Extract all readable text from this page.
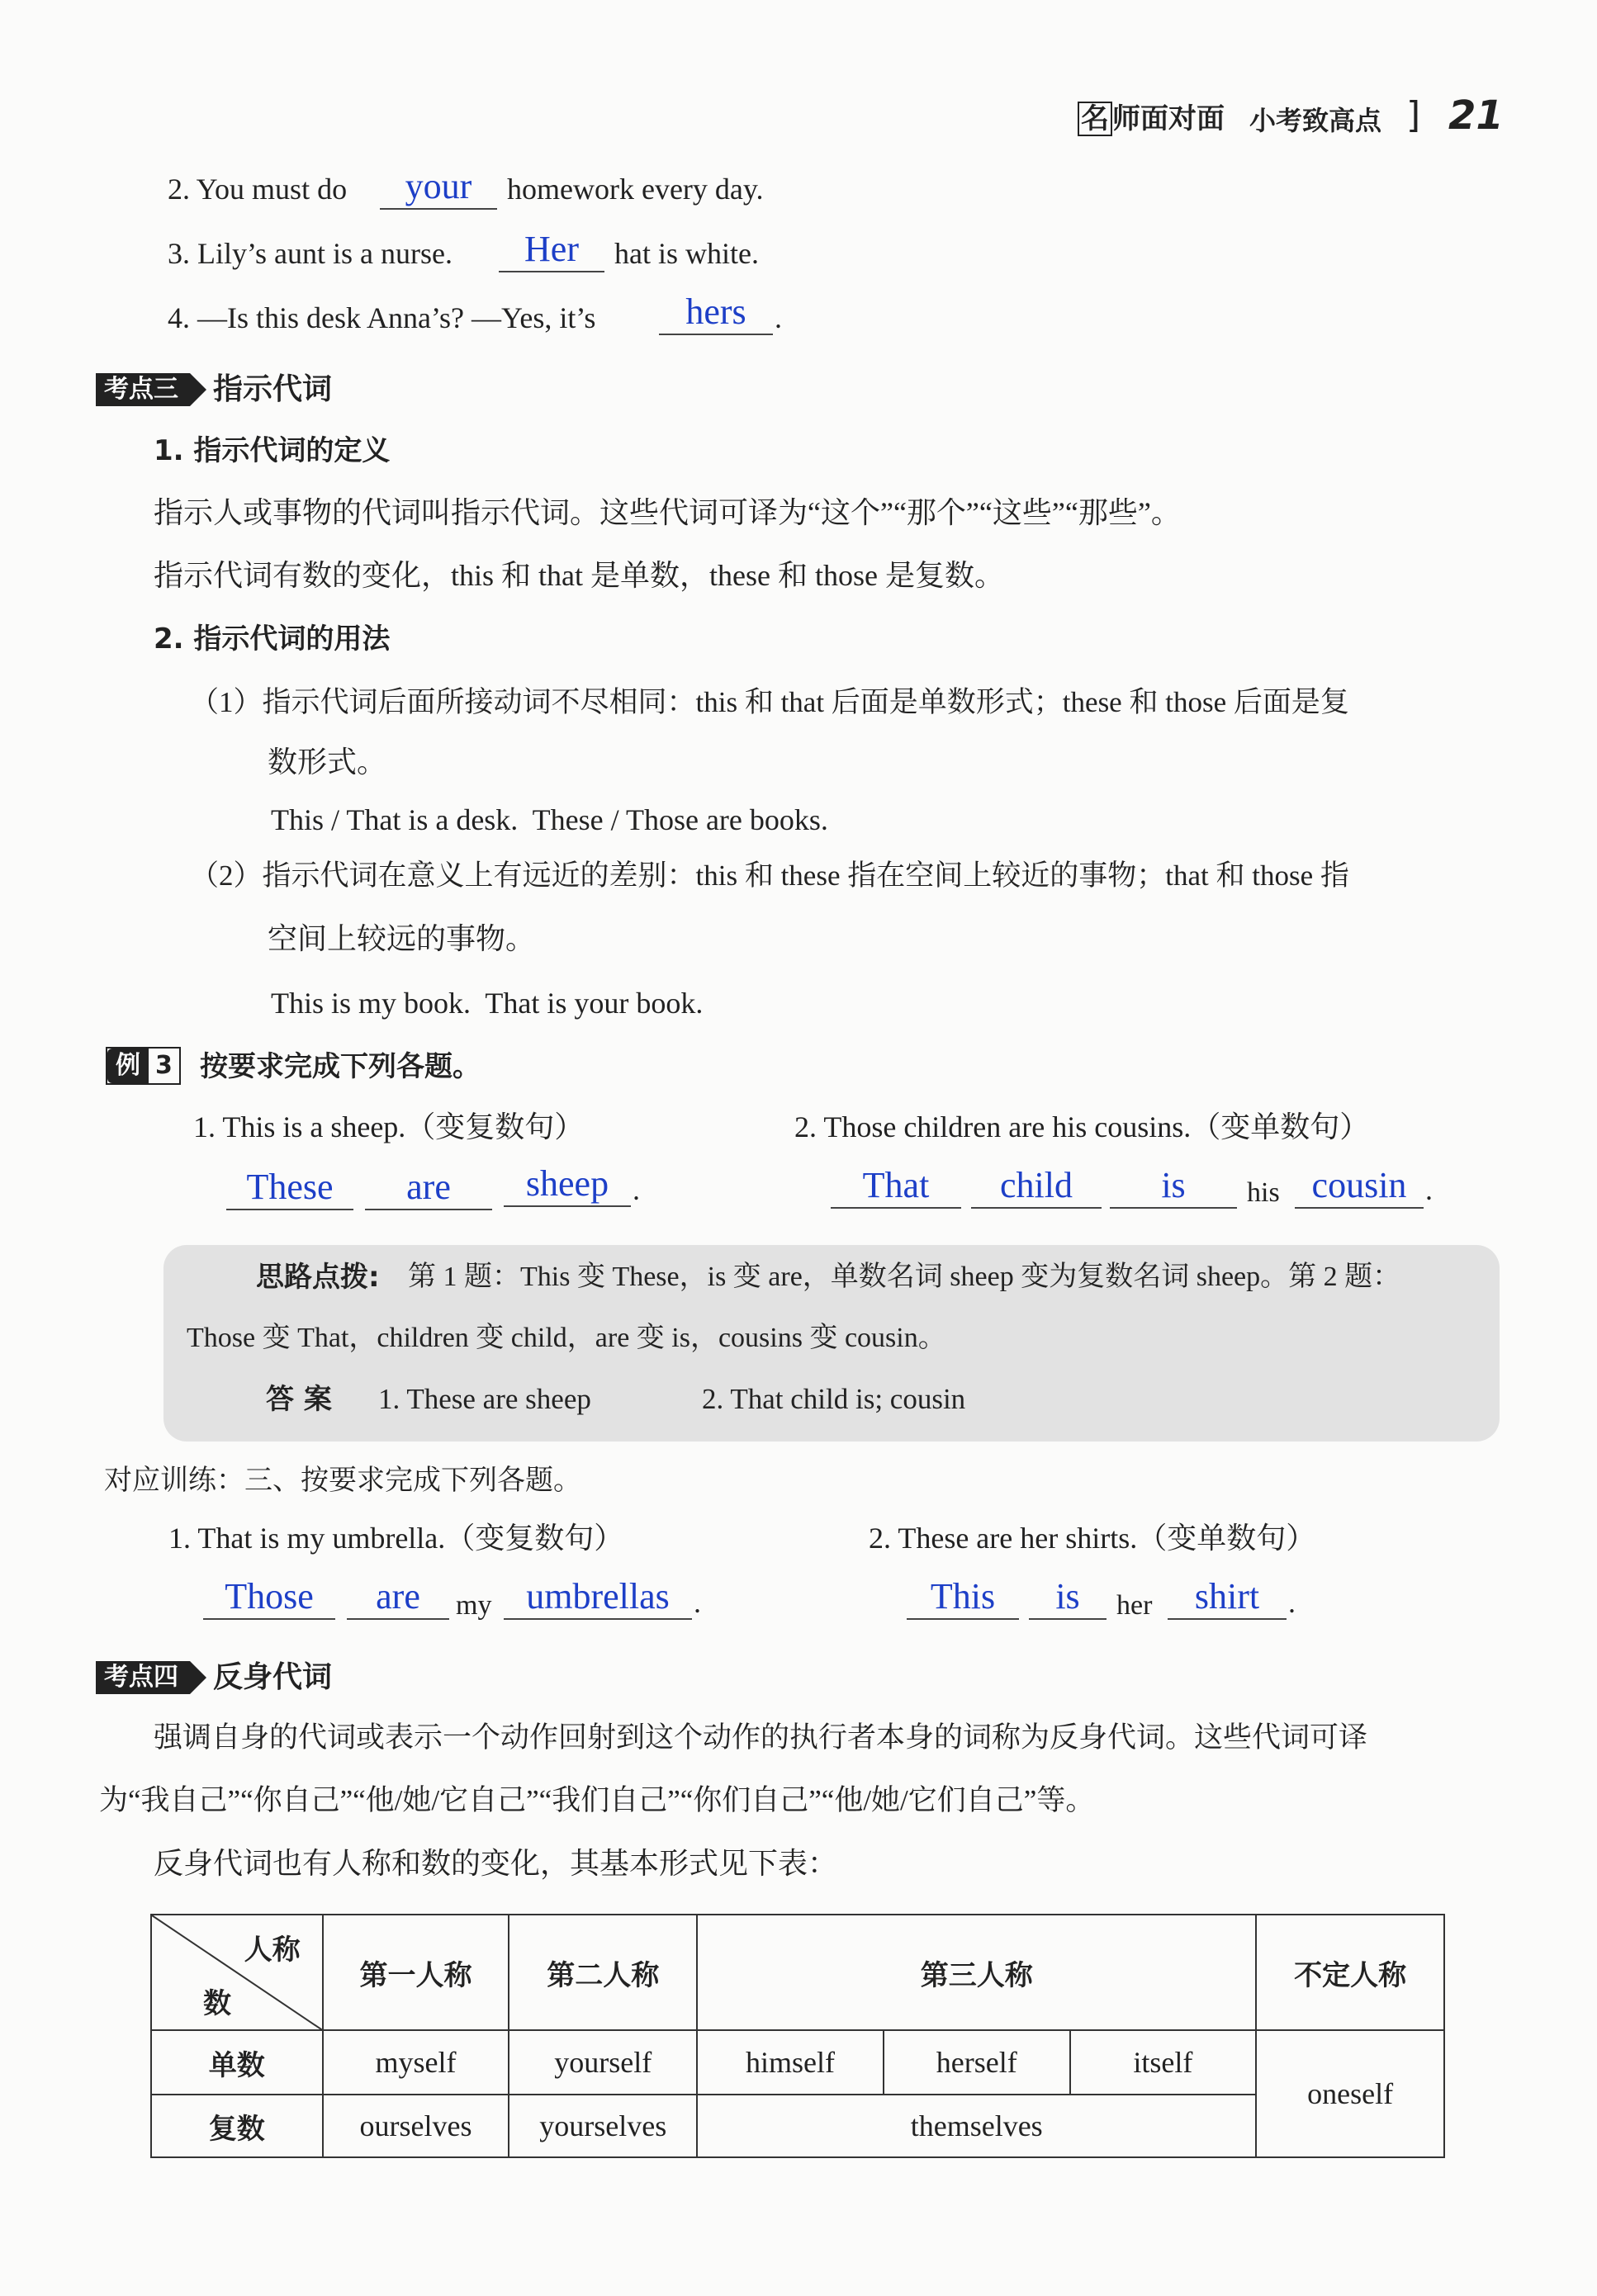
名 师面对面 小考致高点 ] 21
2. You must do	your	homework every day.
3. Lily’s aunt is a nurse.	Her	hat is white.
4. —Is this desk Anna’s? —Yes, it’s	hers .
考点三	指示代词
1. 指示代词的定义
指示人或事物的代词叫指示代词。这些代词可译为“这个”“那个”“这些”“那些”。
指示代词有数的变化，this 和 that 是单数，these 和 those 是复数。
2. 指示代词的用法
（1）指示代词后面所接动词不尽相同：this 和 that 后面是单数形式；these 和 those 后面是复
数形式。
This / That is a desk.  These / Those are books.
（2）指示代词在意义上有远近的差别：this 和 these 指在空间上较近的事物；that 和 those 指
空间上较远的事物。
This is my book.  That is your book.
例 3 按要求完成下列各题。
1. This is a sheep.（变复数句）	2. Those children are his cousins.（变单数句）
These	are	sheep .	That	child	is	his cousin .
思路点拨: 第 1 题：This 变 These，is 变 are，单数名词 sheep 变为复数名词 sheep。第 2 题：
Those 变 That，children 变 child，are 变 is，cousins 变 cousin。
答 案 1. These are sheep	2. That child is; cousin
对应训练：三、按要求完成下列各题。
1. That is my umbrella.（变复数句）	2. These are her shirts.（变单数句）
Those	are	my umbrellas .	This	is	her	shirt .
考点四	反身代词
强调自身的代词或表示一个动作回射到这个动作的执行者本身的词称为反身代词。这些代词可译
为“我自己”“你自己”“他/她/它自己”“我们自己”“你们自己”“他/她/它们自己”等。
反身代词也有人称和数的变化，其基本形式见下表：
人称
数	第一人称	第二人称	第三人称			不定人称
单数	myself	yourself	himself	herself	itself	oneself
复数	ourselves	yourselves	themselves			
